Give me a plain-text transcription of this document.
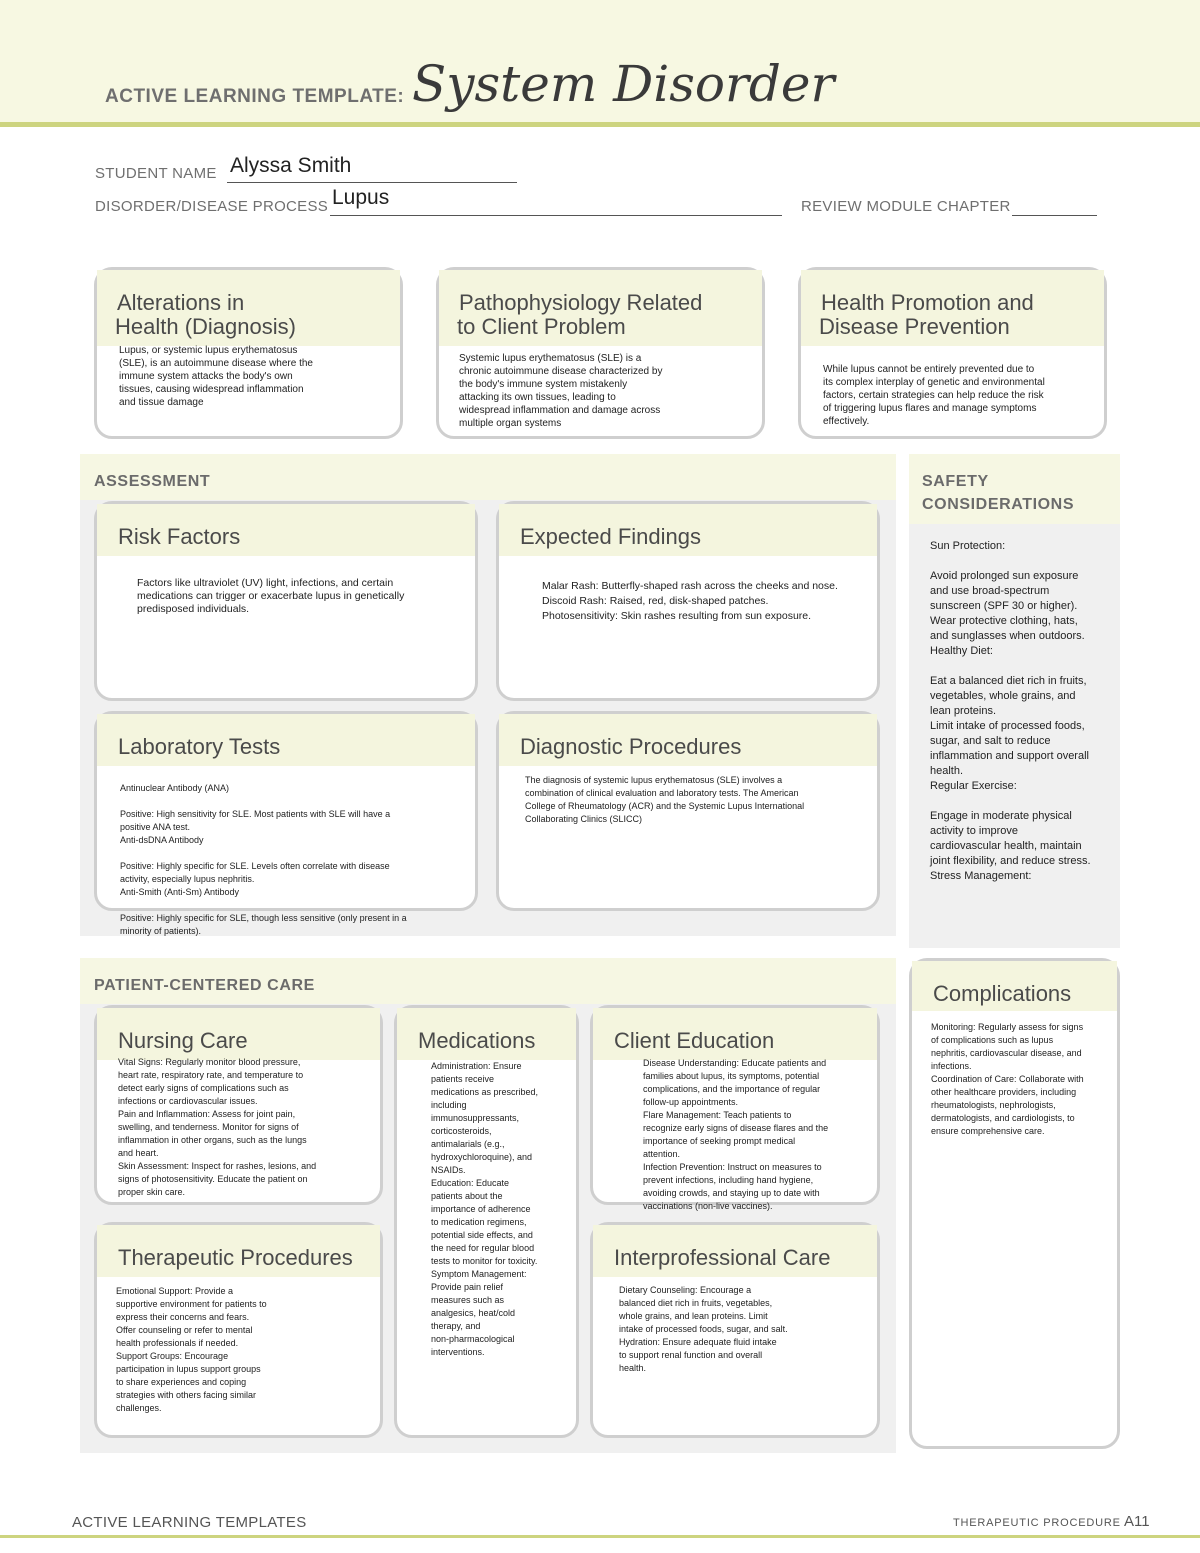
ACTIVE LEARNING TEMPLATE: System Disorder
STUDENT NAME Alyssa Smith
DISORDER/DISEASE PROCESS Lupus	REVIEW MODULE CHAPTER
Alterations in
Health (Diagnosis)
Lupus, or systemic lupus erythematosus
(SLE), is an autoimmune disease where the
immune system attacks the body's own
tissues, causing widespread inflammation
and tissue damage
Pathophysiology Related
to Client Problem
Systemic lupus erythematosus (SLE) is a
chronic autoimmune disease characterized by
the body's immune system mistakenly
attacking its own tissues, leading to
widespread inflammation and damage across
multiple organ systems
Health Promotion and
Disease Prevention
While lupus cannot be entirely prevented due to
its complex interplay of genetic and environmental
factors, certain strategies can help reduce the risk
of triggering lupus flares and manage symptoms
effectively.
ASSESSMENT
Risk Factors
Factors like ultraviolet (UV) light, infections, and certain
medications can trigger or exacerbate lupus in genetically
predisposed individuals.
Expected Findings
Malar Rash: Butterfly-shaped rash across the cheeks and nose.
Discoid Rash: Raised, red, disk-shaped patches.
Photosensitivity: Skin rashes resulting from sun exposure.
Laboratory Tests
Antinuclear Antibody (ANA)

Positive: High sensitivity for SLE. Most patients with SLE will have a
positive ANA test.
Anti-dsDNA Antibody

Positive: Highly specific for SLE. Levels often correlate with disease
activity, especially lupus nephritis.
Anti-Smith (Anti-Sm) Antibody

Positive: Highly specific for SLE, though less sensitive (only present in a
minority of patients).
Diagnostic Procedures
The diagnosis of systemic lupus erythematosus (SLE) involves a
combination of clinical evaluation and laboratory tests. The American
College of Rheumatology (ACR) and the Systemic Lupus International
Collaborating Clinics (SLICC)
SAFETY
CONSIDERATIONS
Sun Protection:

Avoid prolonged sun exposure
and use broad-spectrum
sunscreen (SPF 30 or higher).
Wear protective clothing, hats,
and sunglasses when outdoors.
Healthy Diet:

Eat a balanced diet rich in fruits,
vegetables, whole grains, and
lean proteins.
Limit intake of processed foods,
sugar, and salt to reduce
inflammation and support overall
health.
Regular Exercise:

Engage in moderate physical
activity to improve
cardiovascular health, maintain
joint flexibility, and reduce stress.
Stress Management:
PATIENT-CENTERED CARE
Nursing Care
Vital Signs: Regularly monitor blood pressure,
heart rate, respiratory rate, and temperature to
detect early signs of complications such as
infections or cardiovascular issues.
Pain and Inflammation: Assess for joint pain,
swelling, and tenderness. Monitor for signs of
inflammation in other organs, such as the lungs
and heart.
Skin Assessment: Inspect for rashes, lesions, and
signs of photosensitivity. Educate the patient on
proper skin care.
Medications
Administration: Ensure
patients receive
medications as prescribed,
including
immunosuppressants,
corticosteroids,
antimalarials (e.g.,
hydroxychloroquine), and
NSAIDs.
Education: Educate
patients about the
importance of adherence
to medication regimens,
potential side effects, and
the need for regular blood
tests to monitor for toxicity.
Symptom Management:
Provide pain relief
measures such as
analgesics, heat/cold
therapy, and
non-pharmacological
interventions.
Client Education
Disease Understanding: Educate patients and
families about lupus, its symptoms, potential
complications, and the importance of regular
follow-up appointments.
Flare Management: Teach patients to
recognize early signs of disease flares and the
importance of seeking prompt medical
attention.
Infection Prevention: Instruct on measures to
prevent infections, including hand hygiene,
avoiding crowds, and staying up to date with
vaccinations (non-live vaccines).
Therapeutic Procedures
Emotional Support: Provide a
supportive environment for patients to
express their concerns and fears.
Offer counseling or refer to mental
health professionals if needed.
Support Groups: Encourage
participation in lupus support groups
to share experiences and coping
strategies with others facing similar
challenges.
Interprofessional Care
Dietary Counseling: Encourage a
balanced diet rich in fruits, vegetables,
whole grains, and lean proteins. Limit
intake of processed foods, sugar, and salt.
Hydration: Ensure adequate fluid intake
to support renal function and overall
health.
Complications
Monitoring: Regularly assess for signs
of complications such as lupus
nephritis, cardiovascular disease, and
infections.
Coordination of Care: Collaborate with
other healthcare providers, including
rheumatologists, nephrologists,
dermatologists, and cardiologists, to
ensure comprehensive care.
ACTIVE LEARNING TEMPLATES	THERAPEUTIC PROCEDURE A11
